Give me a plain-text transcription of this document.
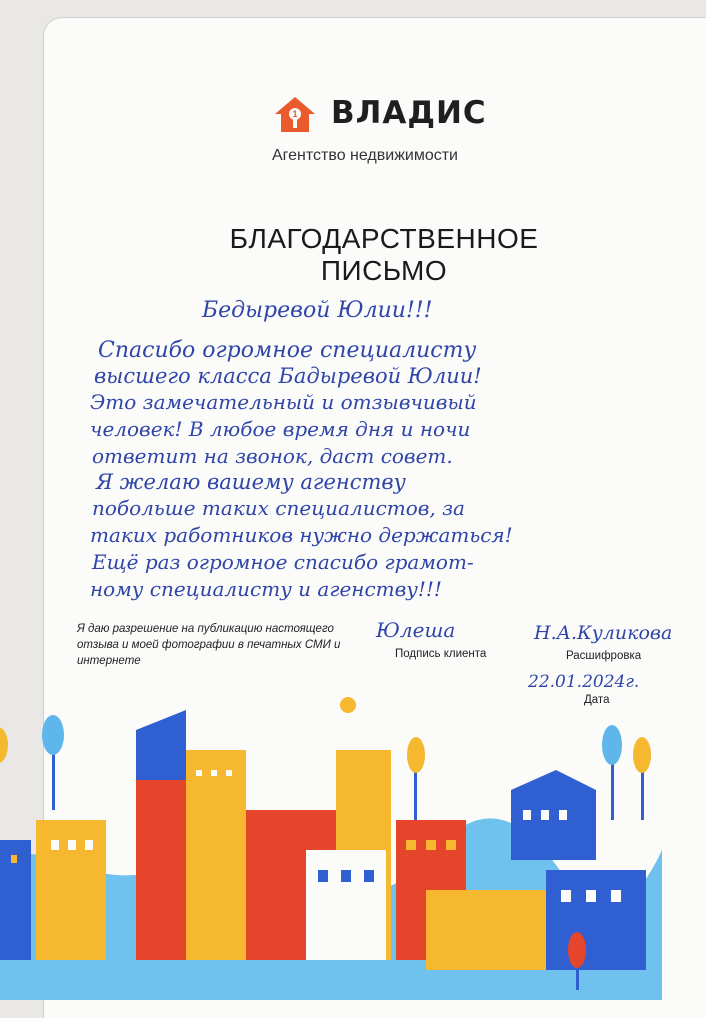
1 ВЛАДИС
Агентство недвижимости
БЛАГОДАРСТВЕННОЕ
ПИСЬМО
Бедыревой Юлии!!!
Спасибо огромное специалисту
высшего класса Бадыревой Юлии!
Это замечательный и отзывчивый
человек! В любое время дня и ночи
ответит на звонок, даст совет.
Я желаю вашему агенству
побольше таких специалистов, за
таких работников нужно держаться!
Ещё раз огромное спасибо грамот-
ному специалисту и агенству!!!
Я даю разрешение на публикацию настоящего отзыва и моей фотографии в печатных СМИ и интернете
Юлеша
Подпись клиента
Н.А.Куликова
Расшифровка
22.01.2024г.
Дата
